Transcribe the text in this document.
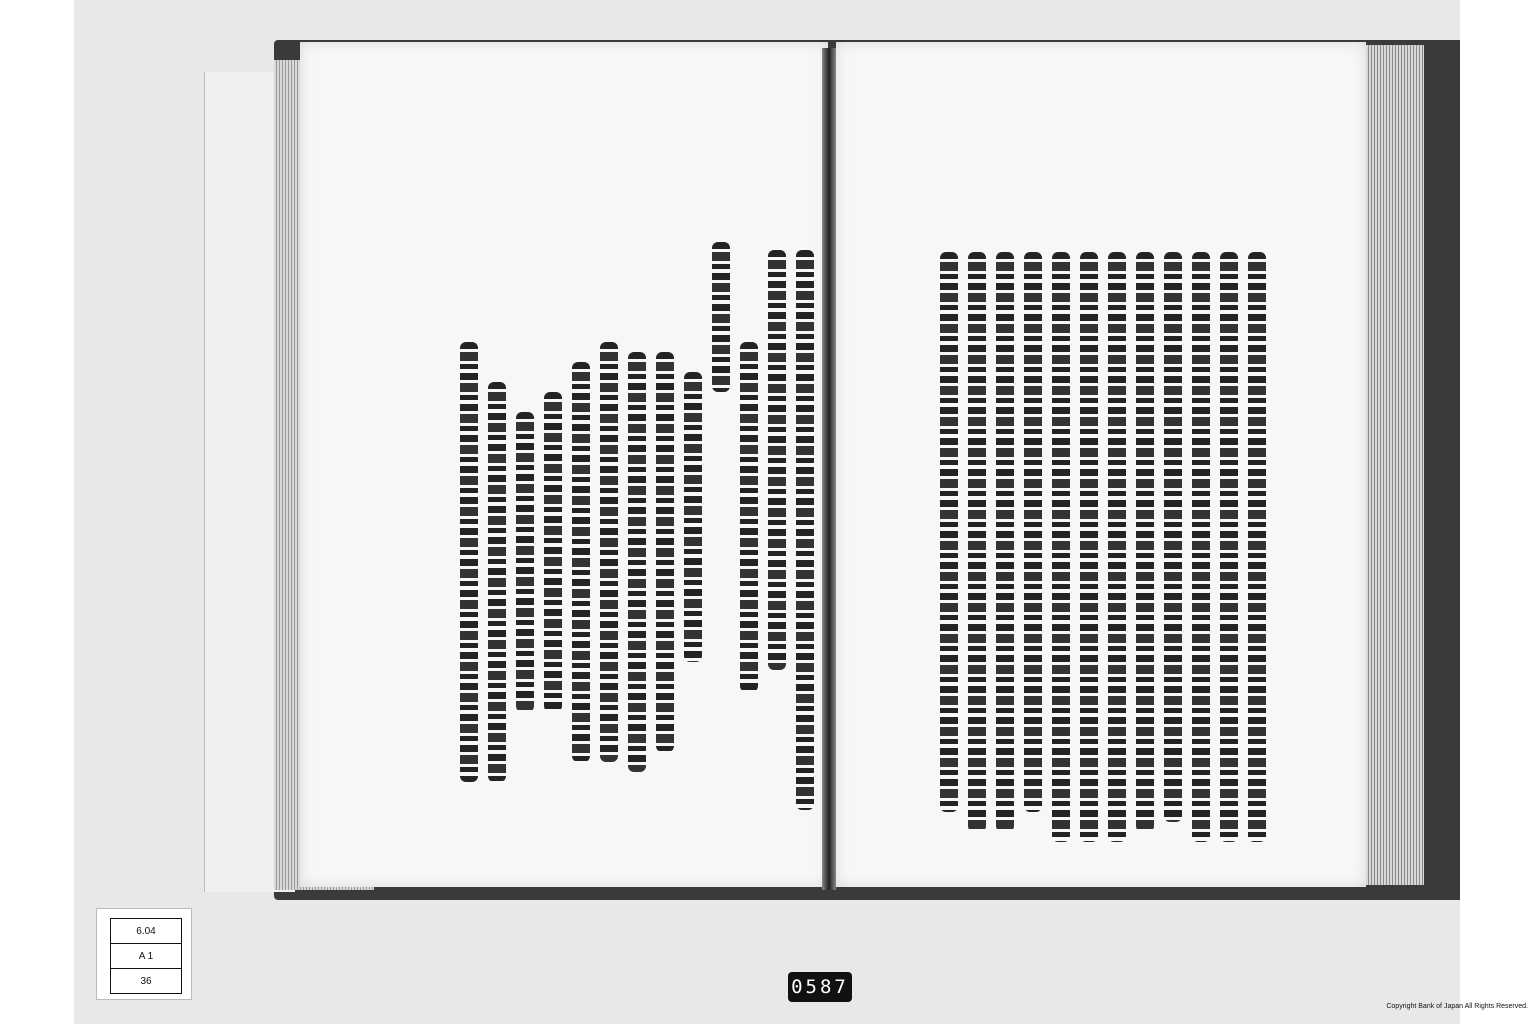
6.04
A 1
36	0587
Copyright Bank of Japan All Rights Reserved.
